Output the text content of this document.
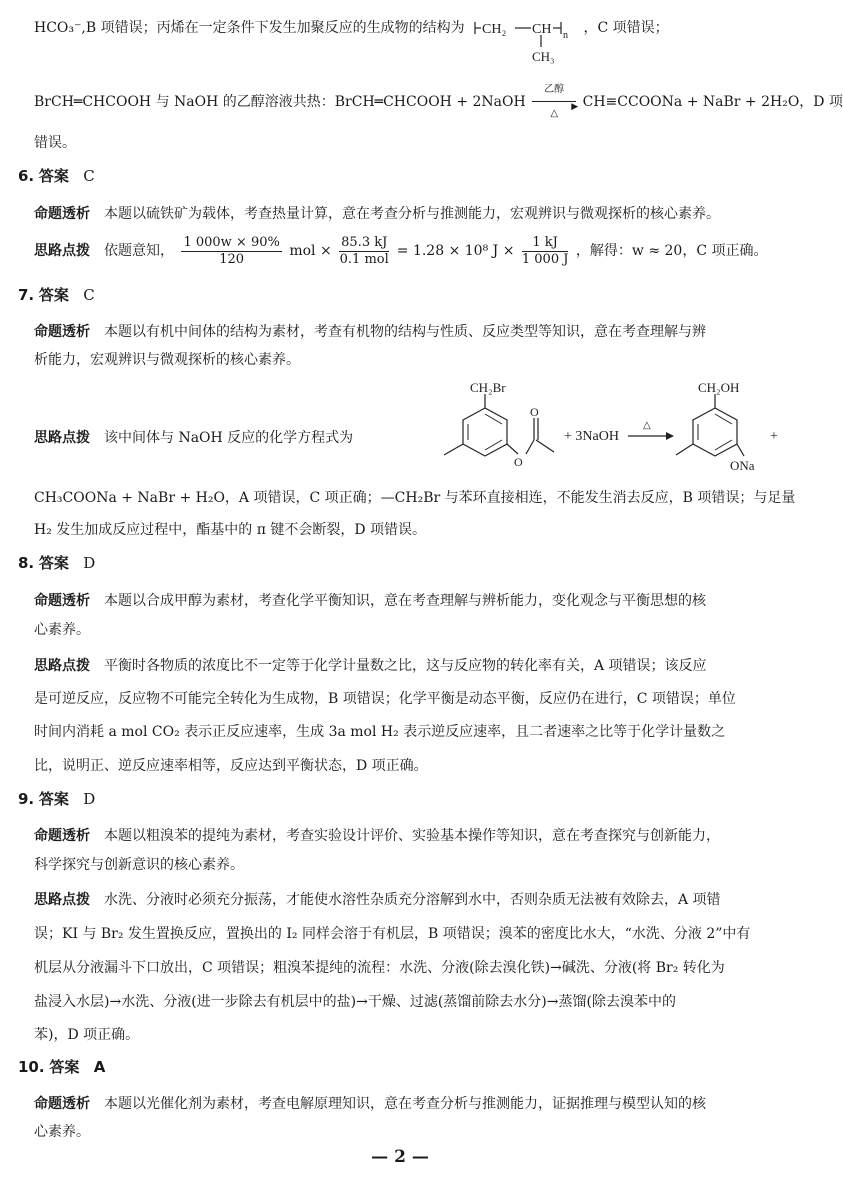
HCO₃⁻,B 项错误；丙烯在一定条件下发生加聚反应的生成物的结构为 CH₂ CH n
CH₃
，C 项错误；
BrCH═CHCOOH 与 NaOH 的乙醇溶液共热：BrCH═CHCOOH + 2NaOH
乙醇
▶
△
CH≡CCOONa + NaBr + 2H₂O，D 项
错误。
6. 答案 C
命题透析 本题以硫铁矿为载体，考查热量计算，意在考查分析与推测能力，宏观辨识与微观探析的核心素养。
思路点拨 依题意知， $\frac{1 000w \times 90\%}{120}$ mol × $\frac{85.3 kJ}{\text{0.1 mol}} = 1.28 \times 10^8$ $J \times \frac{1 kJ}{1 000 J}$ ，解得：w ≈ 20，C 项正确。
7. 答案 C
命题透析 本题以有机中间体的结构为素材，考查有机物的结构与性质、反应类型等知识，意在考查理解与辨
析能力，宏观辨识与微观探析的核心素养。
思路点拨 该中间体与 NaOH 反应的化学方程式为
CH₂Br
O
O
+ 3NaOH
△
CH₂OH
ONa
+
CH₃COONa + NaBr + H₂O，A 项错误，C 项正确；—CH₂Br 与苯环直接相连，不能发生消去反应，B 项错误；与足量
H₂ 发生加成反应过程中，酯基中的 π 键不会断裂，D 项错误。
8. 答案 D
命题透析 本题以合成甲醇为素材，考查化学平衡知识，意在考查理解与辨析能力，变化观念与平衡思想的核
心素养。
思路点拨 平衡时各物质的浓度比不一定等于化学计量数之比，这与反应物的转化率有关，A 项错误；该反应
是可逆反应，反应物不可能完全转化为生成物，B 项错误；化学平衡是动态平衡，反应仍在进行，C 项错误；单位
时间内消耗 a mol CO₂ 表示正反应速率，生成 3a mol H₂ 表示逆反应速率，且二者速率之比等于化学计量数之
比，说明正、逆反应速率相等，反应达到平衡状态，D 项正确。
9. 答案 D
命题透析 本题以粗溴苯的提纯为素材，考查实验设计评价、实验基本操作等知识，意在考查探究与创新能力，
科学探究与创新意识的核心素养。
思路点拨 水洗、分液时必须充分振荡，才能使水溶性杂质充分溶解到水中，否则杂质无法被有效除去，A 项错
误；KI 与 Br₂ 发生置换反应，置换出的 I₂ 同样会溶于有机层，B 项错误；溴苯的密度比水大，“水洗、分液 2”中有
机层从分液漏斗下口放出，C 项错误；粗溴苯提纯的流程：水洗、分液(除去溴化铁)→碱洗、分液(将 Br₂ 转化为
盐浸入水层)→水洗、分液(进一步除去有机层中的盐)→干燥、过滤(蒸馏前除去水分)→蒸馏(除去溴苯中的
苯)，D 项正确。
10. 答案 A
命题透析 本题以光催化剂为素材，考查电解原理知识，意在考查分析与推测能力，证据推理与模型认知的核
心素养。
— 2 —
